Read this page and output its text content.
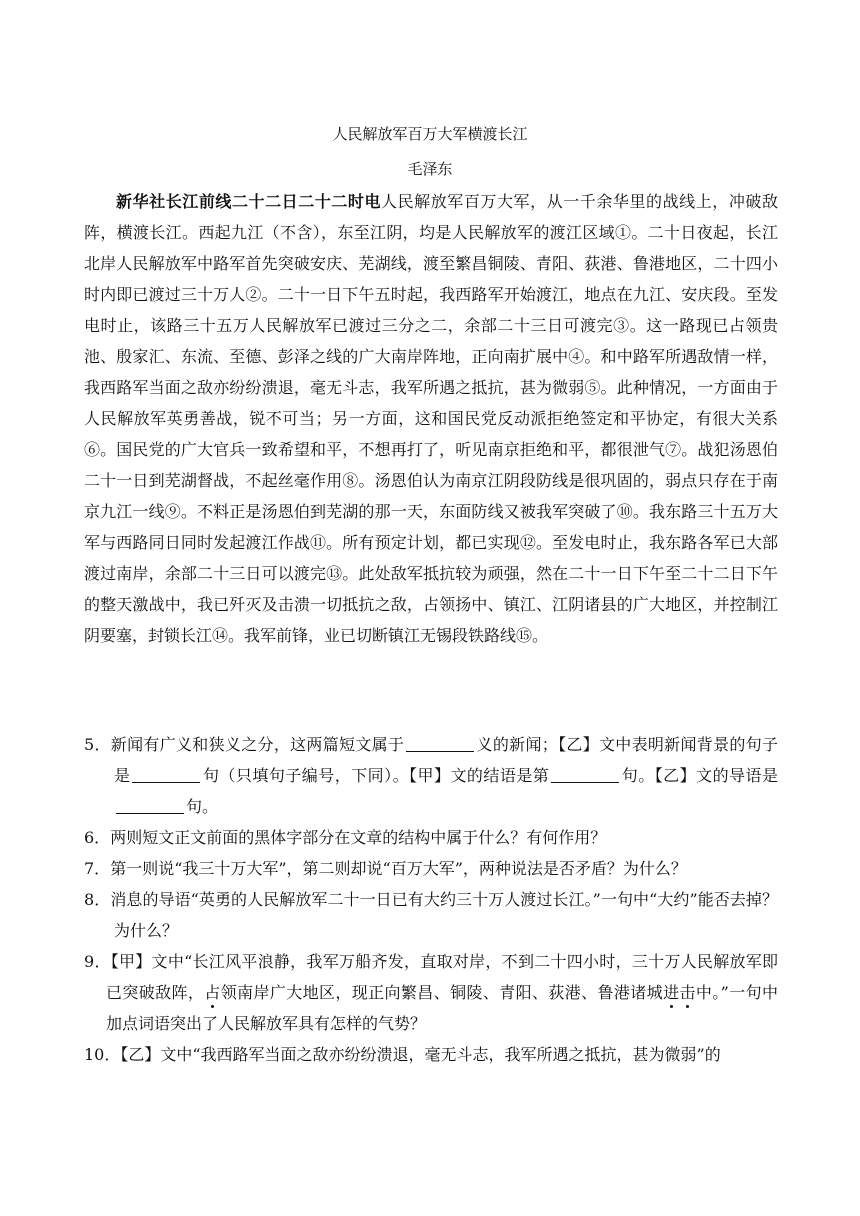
人民解放军百万大军横渡长江
毛泽东
新华社长江前线二十二日二十二时电人民解放军百万大军，从一千余华里的战线上，冲破敌阵，横渡长江。西起九江（不含），东至江阴，均是人民解放军的渡江区域①。二十日夜起，长江北岸人民解放军中路军首先突破安庆、芜湖线，渡至繁昌铜陵、青阳、荻港、鲁港地区，二十四小时内即已渡过三十万人②。二十一日下午五时起，我西路军开始渡江，地点在九江、安庆段。至发电时止，该路三十五万人民解放军已渡过三分之二，余部二十三日可渡完③。这一路现已占领贵池、殷家汇、东流、至德、彭泽之线的广大南岸阵地，正向南扩展中④。和中路军所遇敌情一样，我西路军当面之敌亦纷纷溃退，毫无斗志，我军所遇之抵抗，甚为微弱⑤。此种情况，一方面由于人民解放军英勇善战，锐不可当；另一方面，这和国民党反动派拒绝签定和平协定，有很大关系⑥。国民党的广大官兵一致希望和平，不想再打了，听见南京拒绝和平，都很泄气⑦。战犯汤恩伯二十一日到芜湖督战，不起丝毫作用⑧。汤恩伯认为南京江阴段防线是很巩固的，弱点只存在于南京九江一线⑨。不料正是汤恩伯到芜湖的那一天，东面防线又被我军突破了⑩。我东路三十五万大军与西路同日同时发起渡江作战⑪。所有预定计划，都已实现⑫。至发电时止，我东路各军已大部渡过南岸，余部二十三日可以渡完⑬。此处敌军抵抗较为顽强，然在二十一日下午至二十二日下午的整天激战中，我已歼灭及击溃一切抵抗之敌，占领扬中、镇江、江阴诸县的广大地区，并控制江阴要塞，封锁长江⑭。我军前锋，业已切断镇江无锡段铁路线⑮。
5．新闻有广义和狭义之分，这两篇短文属于	义的新闻；【乙】文中表明新闻背景的句子是	句（只填句子编号，下同）。【甲】文的结语是第	句。【乙】文的导语是句。
6．两则短文正文前面的黑体字部分在文章的结构中属于什么？有何作用？
7．第一则说“我三十万大军”，第二则却说“百万大军”，两种说法是否矛盾？为什么？
8．消息的导语“英勇的人民解放军二十一日已有大约三十万人渡过长江。”一句中“大约”能否去掉？为什么？
9．【甲】文中“长江风平浪静，我军万船齐发，直取对岸，不到二十四小时，三十万人民解放军即已突破敌阵，占领南岸广大地区，现正向繁昌、铜陵、青阳、荻港、鲁港诸城进击中。”一句中加点词语突出了人民解放军具有怎样的气势？
10．【乙】文中“我西路军当面之敌亦纷纷溃退，毫无斗志，我军所遇之抵抗，甚为微弱”的
